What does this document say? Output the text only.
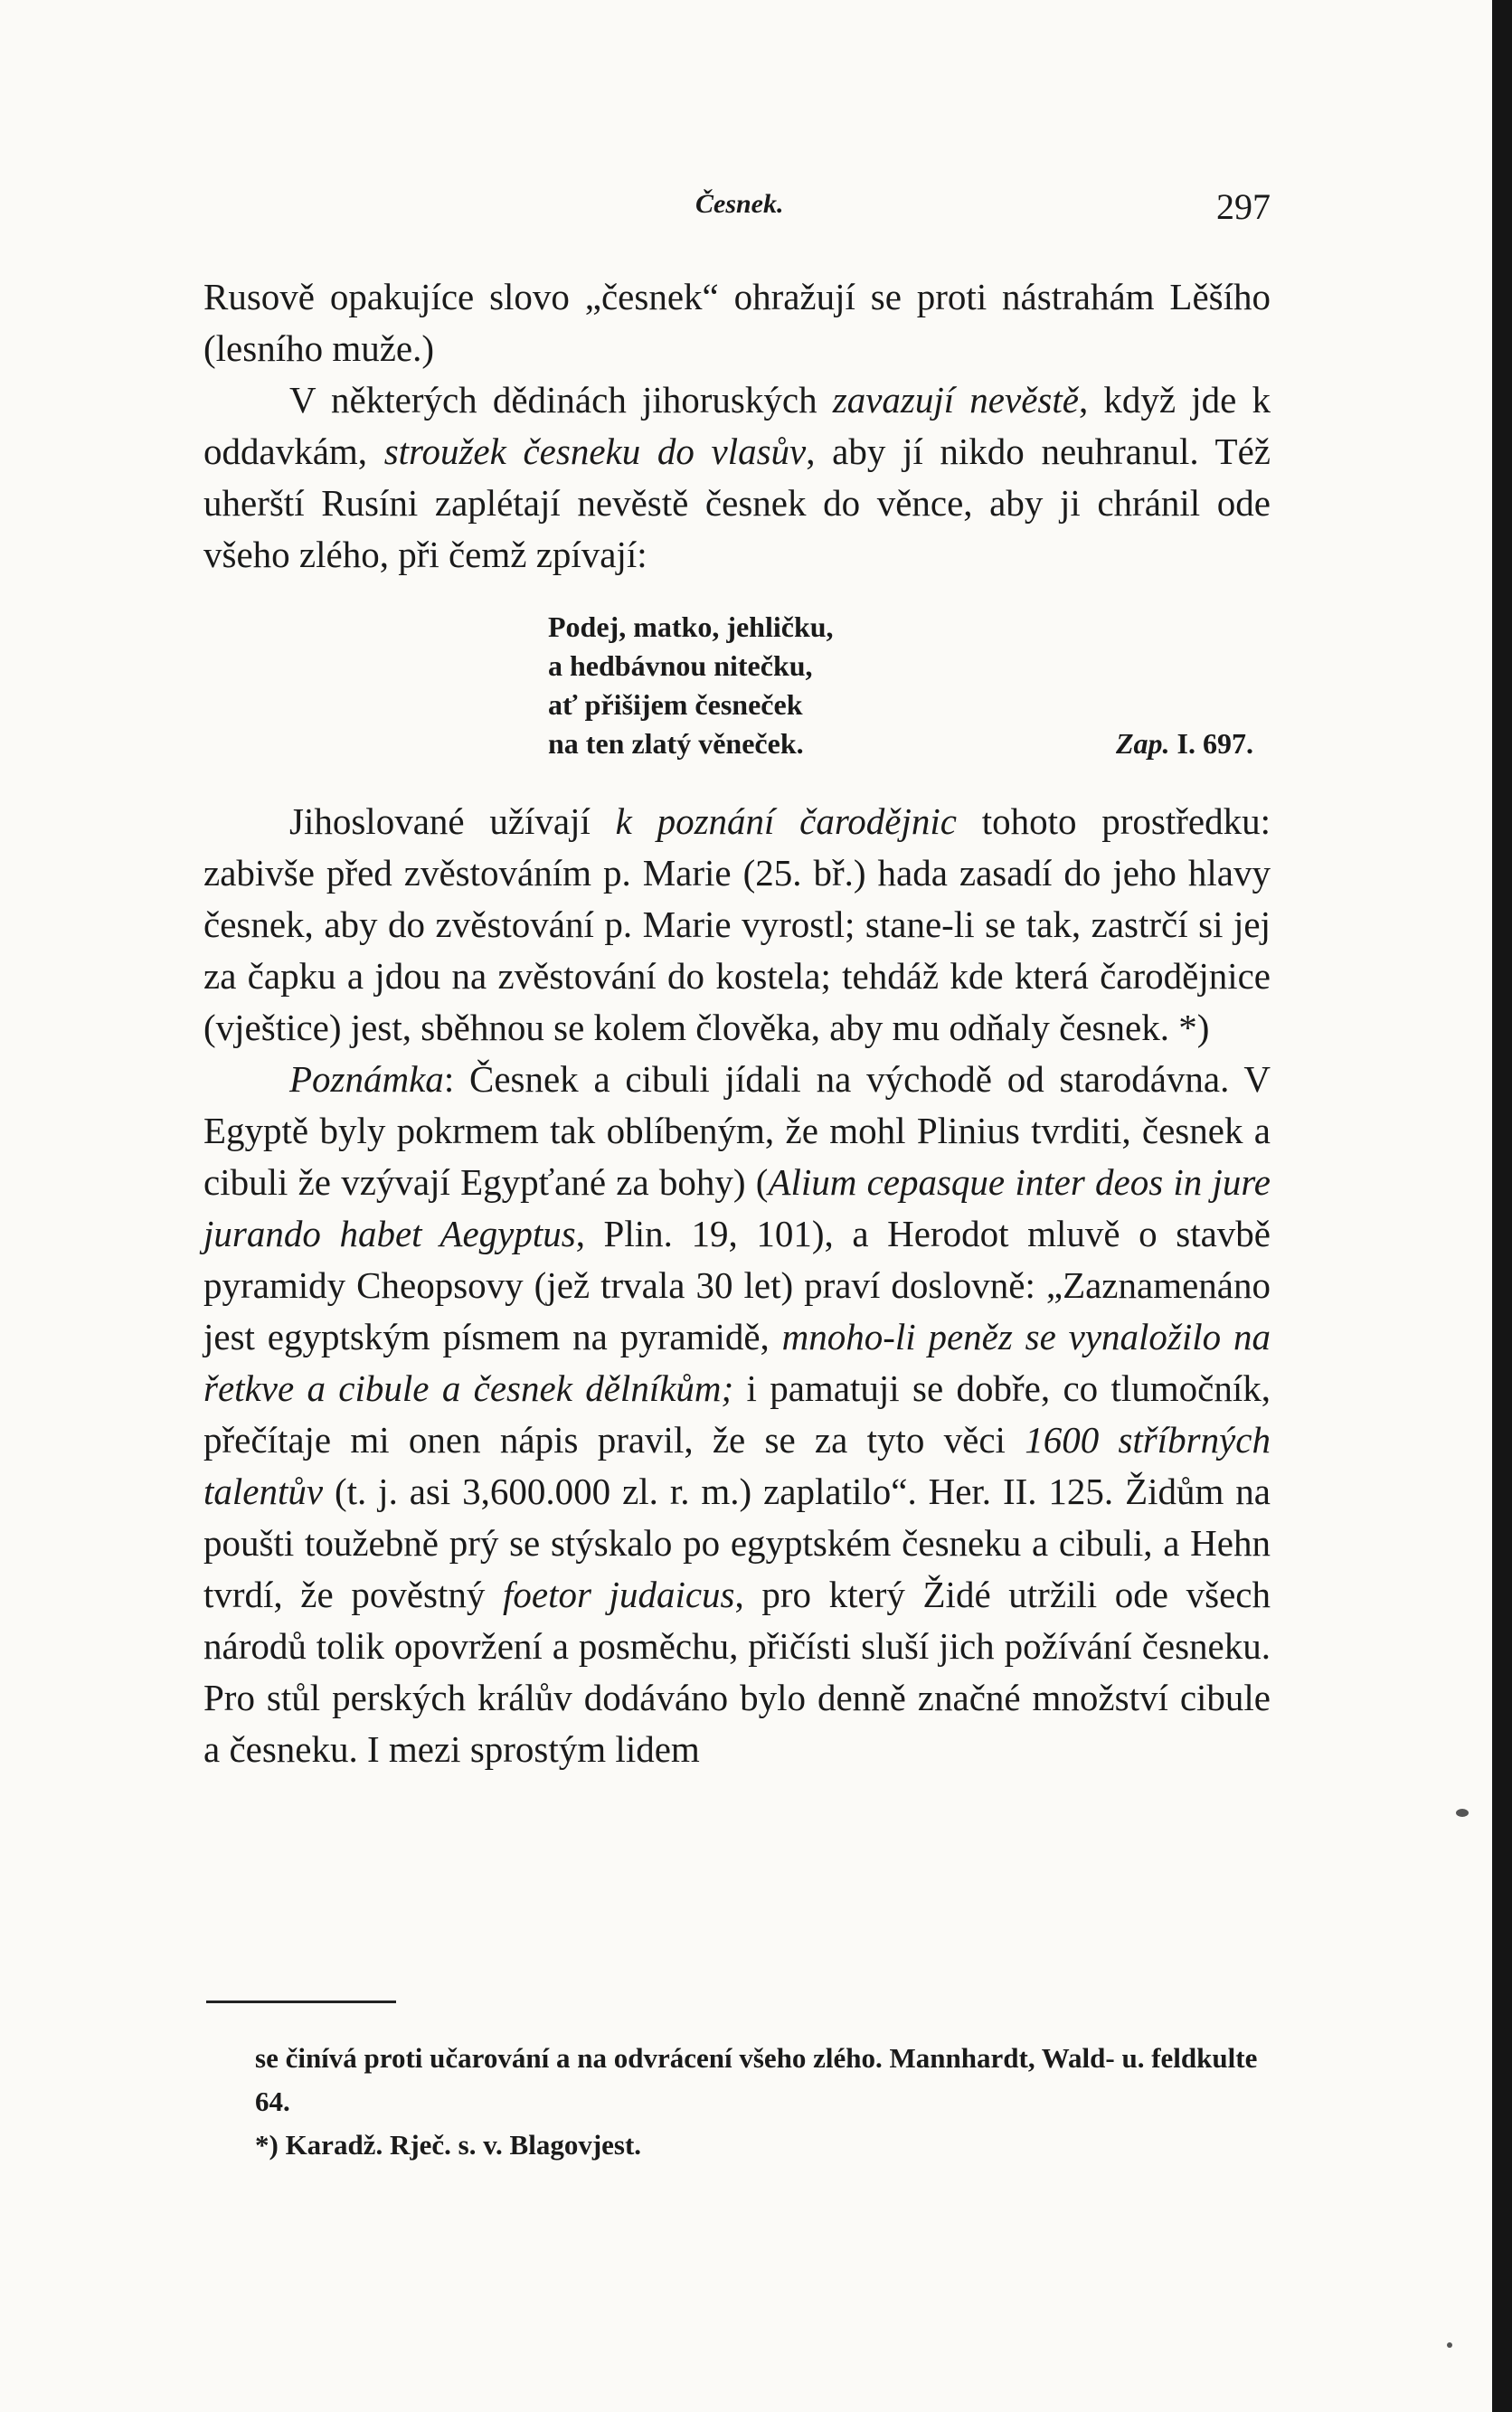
Česnek.	297

Rusově opakujíce slovo „česnek“ ohražují se proti nástrahám Lěšího (lesního muže.)

V některých dědinách jihoruských zavazují nevěstě, když jde k oddavkám, stroužek česneku do vlasův, aby jí nikdo neuhranul. Též uherští Rusíni zaplétají nevěstě česnek do věnce, aby ji chránil ode všeho zlého, při čemž zpívají:

Podej, matko, jehličku,
a hedbávnou nitečku,
ať přišijem česneček
na ten zlatý věneček.	Zap. I. 697.

Jihoslované užívají k poznání čarodějnic tohoto prostředku: zabivše před zvěstováním p. Marie (25. bř.) hada zasadí do jeho hlavy česnek, aby do zvěstování p. Marie vyrostl; stane-li se tak, zastrčí si jej za čapku a jdou na zvěstování do kostela; tehdáž kde která čarodějnice (vještice) jest, sběhnou se kolem člověka, aby mu odňaly česnek. *)

Poznámka: Česnek a cibuli jídali na východě od starodávna. V Egyptě byly pokrmem tak oblíbeným, že mohl Plinius tvrditi, česnek a cibuli že vzývají Egypťané za bohy) (Alium cepasque inter deos in jure jurando habet Aegyptus, Plin. 19, 101), a Herodot mluvě o stavbě pyramidy Cheopsovy (jež trvala 30 let) praví doslovně: „Zaznamenáno jest egyptským písmem na pyramidě, mnoho-li peněz se vynaložilo na řetkve a cibule a česnek dělníkům; i pamatuji se dobře, co tlumočník, přečítaje mi onen nápis pravil, že se za tyto věci 1600 stříbrných talentův (t. j. asi 3,600.000 zl. r. m.) zaplatilo“. Her. II. 125. Židům na poušti toužebně prý se stýskalo po egyptském česneku a cibuli, a Hehn tvrdí, že pověstný foetor judaicus, pro který Židé utržili ode všech národů tolik opovržení a posměchu, přičísti sluší jich požívání česneku. Pro stůl perských králův dodáváno bylo denně značné množství cibule a česneku. I mezi sprostým lidem

se činívá proti učarování a na odvrácení všeho zlého. Mannhardt, Wald- u. feldkulte 64.

*) Karadž. Rječ. s. v. Blagovjest.
